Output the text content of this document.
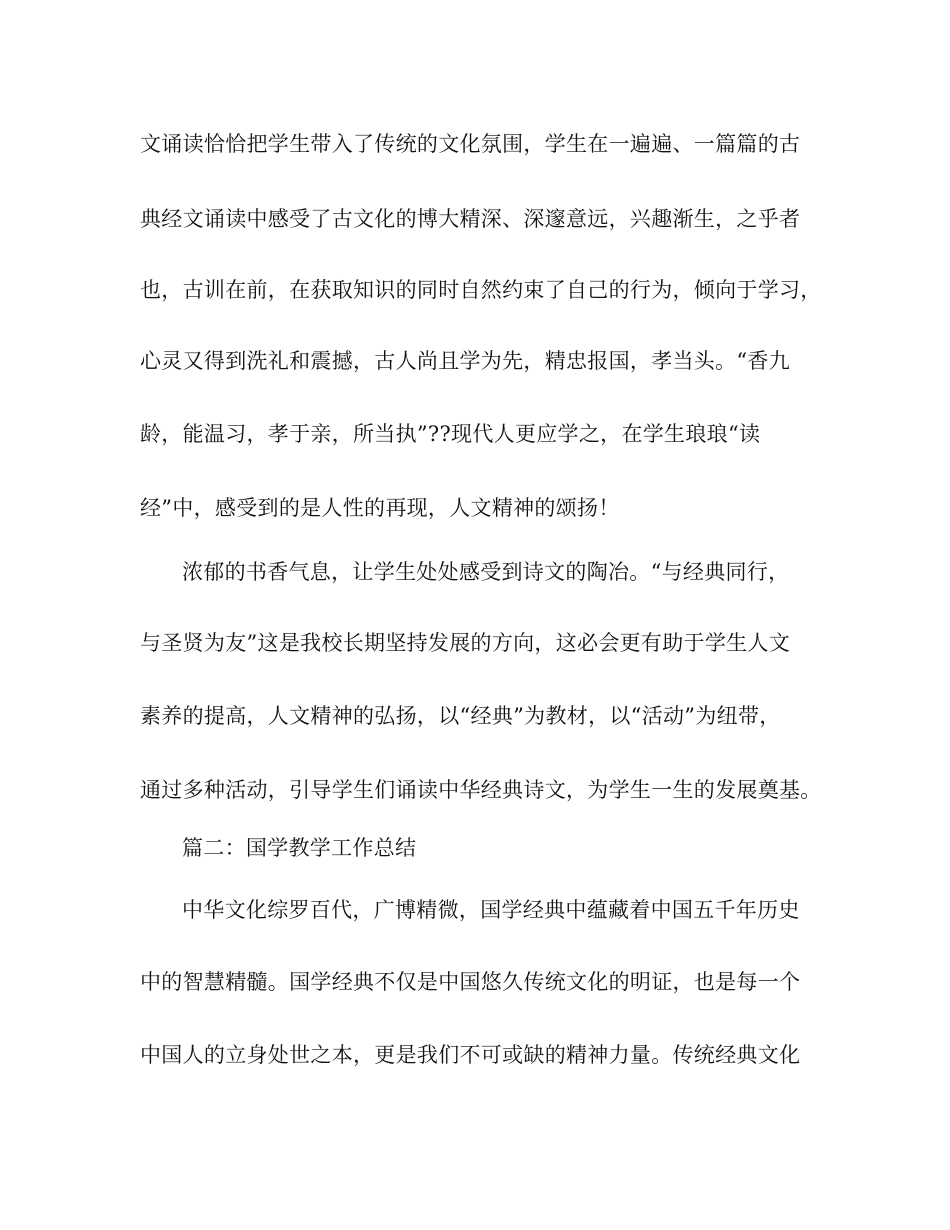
文诵读恰恰把学生带入了传统的文化氛围，学生在一遍遍、一篇篇的古
典经文诵读中感受了古文化的博大精深、深邃意远，兴趣渐生，之乎者
也，古训在前，在获取知识的同时自然约束了自己的行为，倾向于学习，
心灵又得到洗礼和震撼，古人尚且学为先，精忠报国，孝当头。“香九
龄，能温习，孝于亲，所当执”??现代人更应学之，在学生琅琅“读
经”中，感受到的是人性的再现，人文精神的颂扬！
浓郁的书香气息，让学生处处感受到诗文的陶冶。“与经典同行，
与圣贤为友”这是我校长期坚持发展的方向，这必会更有助于学生人文
素养的提高，人文精神的弘扬，以“经典”为教材，以“活动”为纽带，
通过多种活动，引导学生们诵读中华经典诗文，为学生一生的发展奠基。
篇二：国学教学工作总结
中华文化综罗百代，广博精微，国学经典中蕴藏着中国五千年历史
中的智慧精髓。国学经典不仅是中国悠久传统文化的明证，也是每一个
中国人的立身处世之本，更是我们不可或缺的精神力量。传统经典文化
